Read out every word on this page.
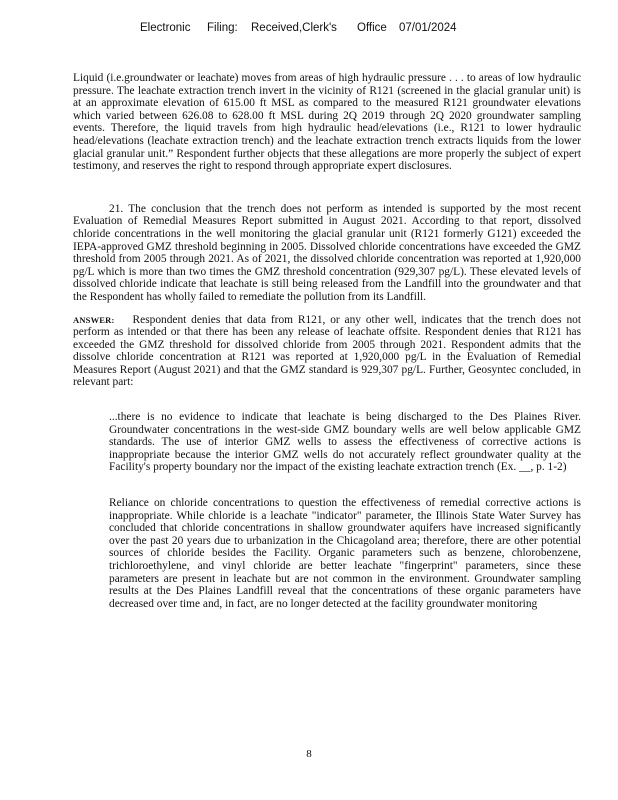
Electronic Filing: Received,Clerk's Office 07/01/2024

Liquid (i.e.groundwater or leachate) moves from areas of high hydraulic pressure . . . to areas of low hydraulic pressure. The leachate extraction trench invert in the vicinity of R121 (screened in the glacial granular unit) is at an approximate elevation of 615.00 ft MSL as compared to the measured R121 groundwater elevations which varied between 626.08 to 628.00 ft MSL during 2Q 2019 through 2Q 2020 groundwater sampling events. Therefore, the liquid travels from high hydraulic head/elevations (i.e., R121 to lower hydraulic head/elevations (leachate extraction trench) and the leachate extraction trench extracts liquids from the lower glacial granular unit.” Respondent further objects that these allegations are more properly the subject of expert testimony, and reserves the right to respond through appropriate expert disclosures.

21. The conclusion that the trench does not perform as intended is supported by the most recent Evaluation of Remedial Measures Report submitted in August 2021. According to that report, dissolved chloride concentrations in the well monitoring the glacial granular unit (R121 formerly G121) exceeded the IEPA-approved GMZ threshold beginning in 2005. Dissolved chloride concentrations have exceeded the GMZ threshold from 2005 through 2021. As of 2021, the dissolved chloride concentration was reported at 1,920,000 pg/L which is more than two times the GMZ threshold concentration (929,307 pg/L). These elevated levels of dissolved chloride indicate that leachate is still being released from the Landfill into the groundwater and that the Respondent has wholly failed to remediate the pollution from its Landfill.

ANSWER: Respondent denies that data from R121, or any other well, indicates that the trench does not perform as intended or that there has been any release of leachate offsite. Respondent denies that R121 has exceeded the GMZ threshold for dissolved chloride from 2005 through 2021. Respondent admits that the dissolve chloride concentration at R121 was reported at 1,920,000 pg/L in the Evaluation of Remedial Measures Report (August 2021) and that the GMZ standard is 929,307 pg/L. Further, Geosyntec concluded, in relevant part:

...there is no evidence to indicate that leachate is being discharged to the Des Plaines River. Groundwater concentrations in the west-side GMZ boundary wells are well below applicable GMZ standards. The use of interior GMZ wells to assess the effectiveness of corrective actions is inappropriate because the interior GMZ wells do not accurately reflect groundwater quality at the Facility's property boundary nor the impact of the existing leachate extraction trench (Ex. __, p. 1-2)

Reliance on chloride concentrations to question the effectiveness of remedial corrective actions is inappropriate. While chloride is a leachate "indicator" parameter, the Illinois State Water Survey has concluded that chloride concentrations in shallow groundwater aquifers have increased significantly over the past 20 years due to urbanization in the Chicagoland area; therefore, there are other potential sources of chloride besides the Facility. Organic parameters such as benzene, chlorobenzene, trichloroethylene, and vinyl chloride are better leachate "fingerprint" parameters, since these parameters are present in leachate but are not common in the environment. Groundwater sampling results at the Des Plaines Landfill reveal that the concentrations of these organic parameters have decreased over time and, in fact, are no longer detected at the facility groundwater monitoring

8
